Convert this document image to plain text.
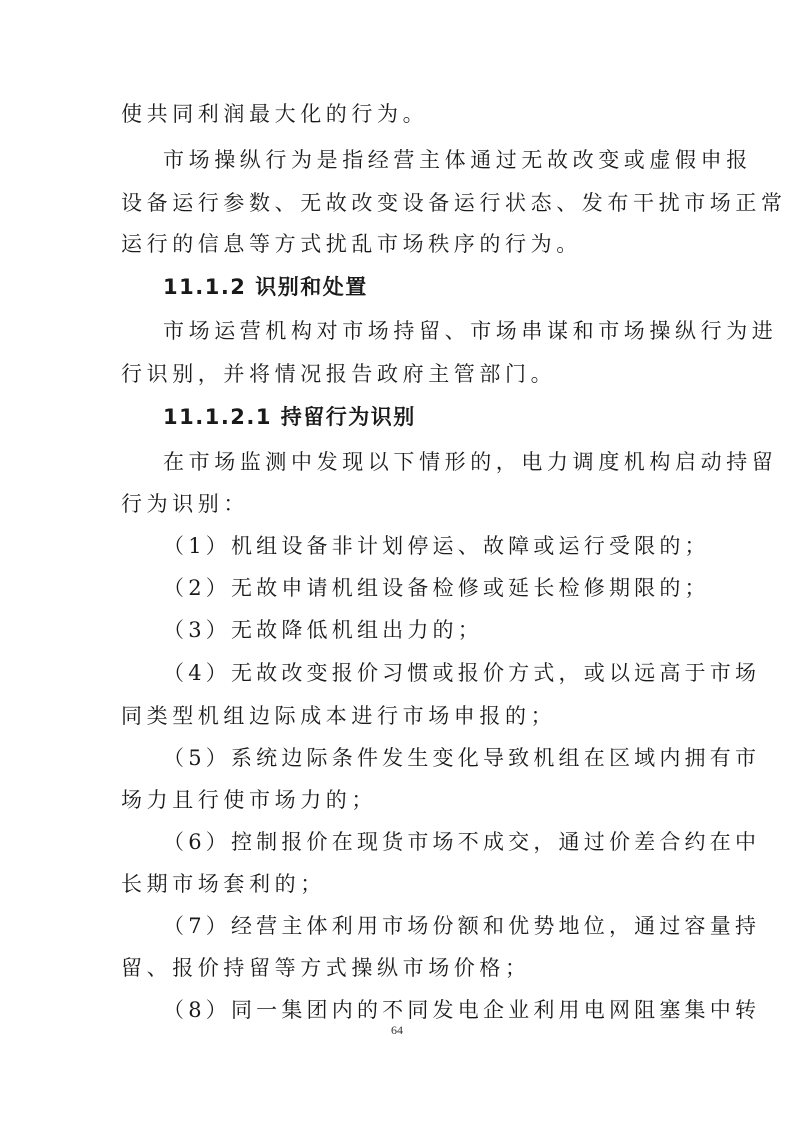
使共同利润最大化的行为。
市场操纵行为是指经营主体通过无故改变或虚假申报
设备运行参数、无故改变设备运行状态、发布干扰市场正常
运行的信息等方式扰乱市场秩序的行为。
11.1.2 识别和处置
市场运营机构对市场持留、市场串谋和市场操纵行为进
行识别，并将情况报告政府主管部门。
11.1.2.1 持留行为识别
在市场监测中发现以下情形的，电力调度机构启动持留
行为识别：
（1）机组设备非计划停运、故障或运行受限的；
（2）无故申请机组设备检修或延长检修期限的；
（3）无故降低机组出力的；
（4）无故改变报价习惯或报价方式，或以远高于市场
同类型机组边际成本进行市场申报的；
（5）系统边际条件发生变化导致机组在区域内拥有市
场力且行使市场力的；
（6）控制报价在现货市场不成交，通过价差合约在中
长期市场套利的；
（7）经营主体利用市场份额和优势地位，通过容量持
留、报价持留等方式操纵市场价格；
（8）同一集团内的不同发电企业利用电网阻塞集中转
64
